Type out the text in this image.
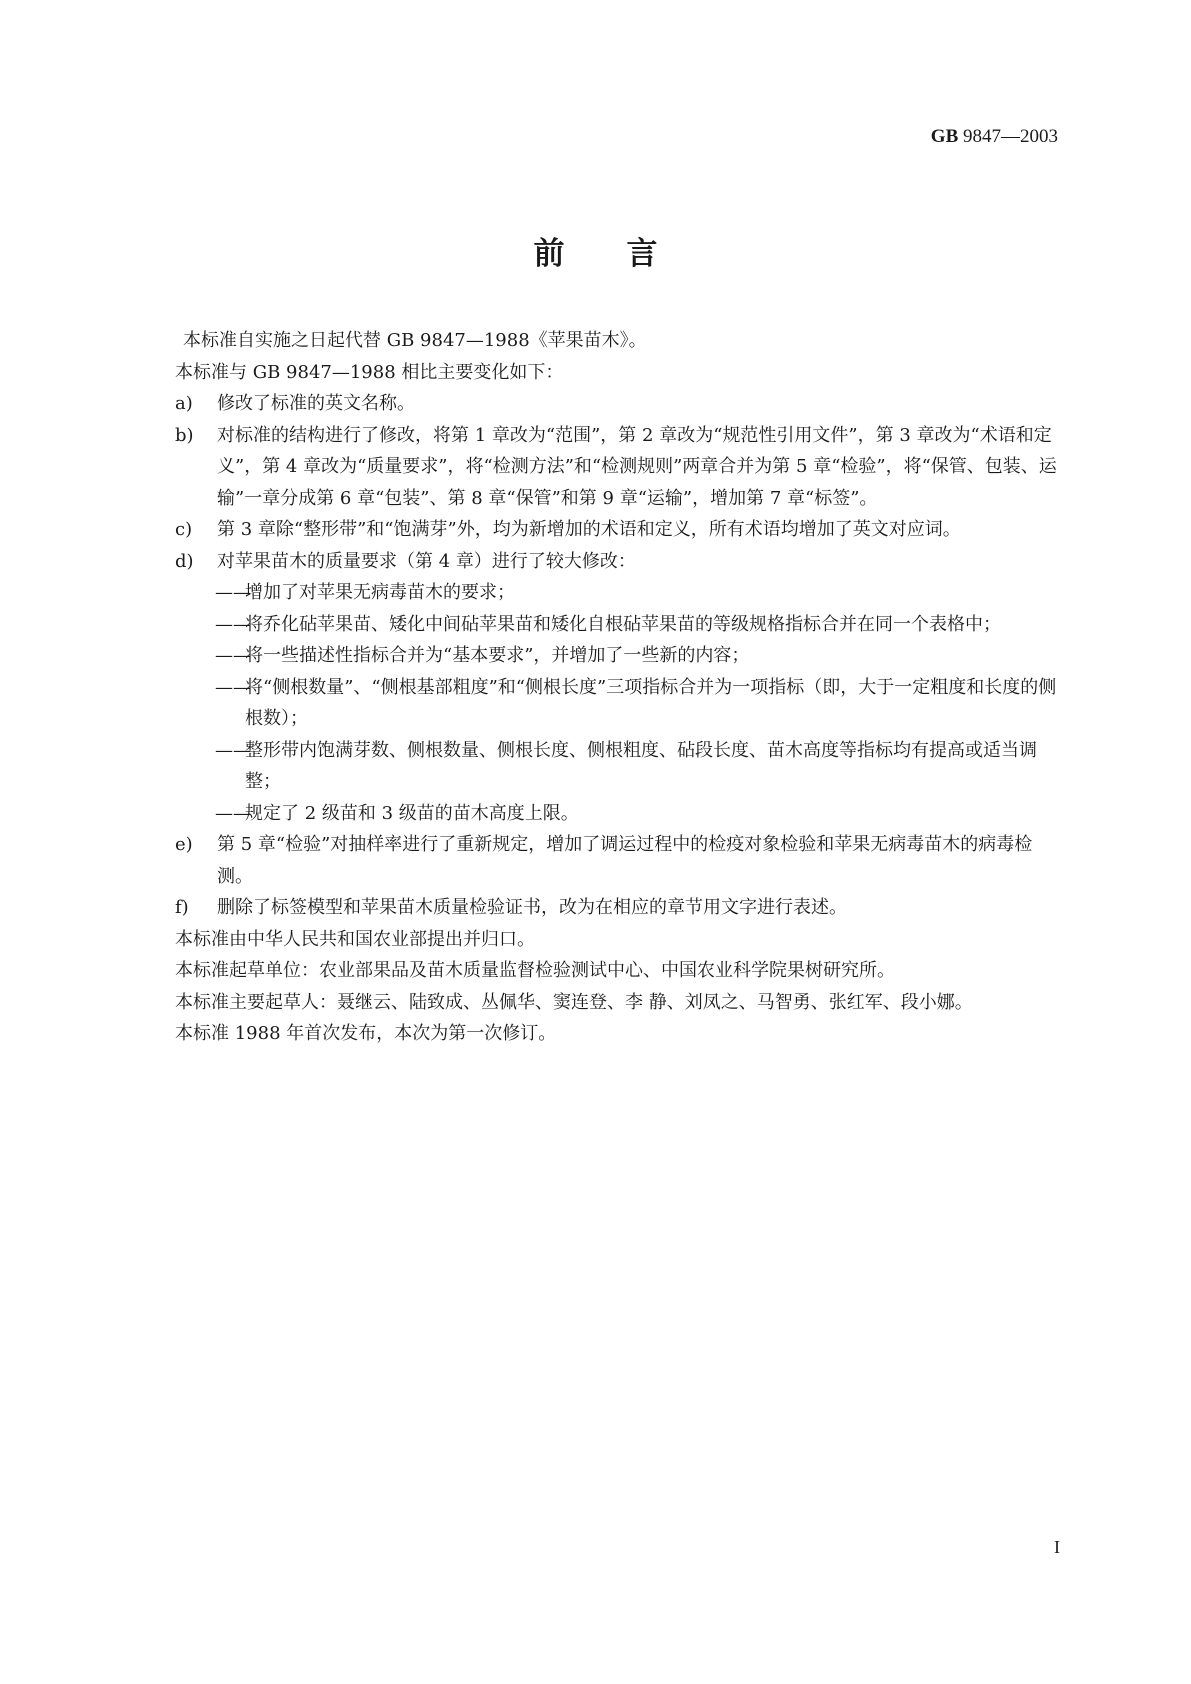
GB 9847—2003
前　　言

本标准自实施之日起代替 GB 9847—1988《苹果苗木》。

本标准与 GB 9847—1988 相比主要变化如下：

a) 修改了标准的英文名称。

b) 对标准的结构进行了修改，将第 1 章改为“范围”，第 2 章改为“规范性引用文件”，第 3 章改为“术语和定义”，第 4 章改为“质量要求”，将“检测方法”和“检测规则”两章合并为第 5 章“检验”，将“保管、包装、运输”一章分成第 6 章“包装”、第 8 章“保管”和第 9 章“运输”，增加第 7 章“标签”。

c) 第 3 章除“整形带”和“饱满芽”外，均为新增加的术语和定义，所有术语均增加了英文对应词。

d) 对苹果苗木的质量要求（第 4 章）进行了较大修改：

——
增加了对苹果无病毒苗木的要求；

——
将乔化砧苹果苗、矮化中间砧苹果苗和矮化自根砧苹果苗的等级规格指标合并在同一个表格中；

——
将一些描述性指标合并为“基本要求”，并增加了一些新的内容；

——
将“侧根数量”、“侧根基部粗度”和“侧根长度”三项指标合并为一项指标（即，大于一定粗度和长度的侧根数）；

——
整形带内饱满芽数、侧根数量、侧根长度、侧根粗度、砧段长度、苗木高度等指标均有提高或适当调整；

——
规定了 2 级苗和 3 级苗的苗木高度上限。

e) 第 5 章“检验”对抽样率进行了重新规定，增加了调运过程中的检疫对象检验和苹果无病毒苗木的病毒检测。

f) 删除了标签模型和苹果苗木质量检验证书，改为在相应的章节用文字进行表述。

本标准由中华人民共和国农业部提出并归口。

本标准起草单位：农业部果品及苗木质量监督检验测试中心、中国农业科学院果树研究所。

本标准主要起草人：聂继云、陆致成、丛佩华、窦连登、李 静、刘凤之、马智勇、张红军、段小娜。

本标准 1988 年首次发布，本次为第一次修订。

I
